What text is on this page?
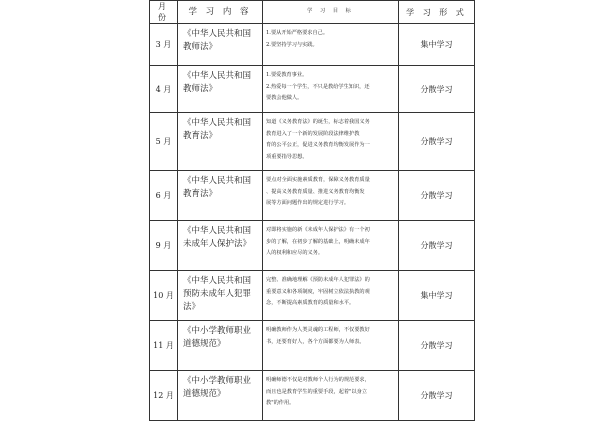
月 份	学 习 内 容	学 习 目 标	学 习 形 式
3 月	《中华人民共和国教师法》	1.要从开始严格要求自己。
2.要坚持学习与实践。	集中学习
4 月	《中华人民共和国教师法》	1.要爱教育事业。
2.热爱每一个学生，不只是教给学生知识，还
要教会他做人。	分散学习
5 月	《中华人民共和国教育法》	知道《义务教育法》的诞生，标志着我国义务
教育进入了一个新的发展阶段法律维护教
育的公平公正，促进义务教育均衡发展作为一
项重要指导思想。	分散学习
6 月	《中华人民共和国教育法》	要点对全面实施素质教育，保障义务教育质量
、提高义务教育质量、推进义务教育均衡发
展等方面问题作出的规定进行学习。	分散学习
9 月	《中华人民共和国未成年人保护法》	对即将实施的新《未成年人保护法》有一个初
步的了解，在初步了解的基础上，明确未成年
人的权利和应尽的义务。	分散学习
10 月	《中华人民共和国预防未成年人犯罪法》	完整、准确地理解《预防未成年人犯罪法》的
重要意义和各项制度，牢固树立依法执教的观
念，不断提高素质教育的质量和水平。	集中学习
11 月	《中小学教师职业道德规范》	明确教师作为人类灵魂的工程师，不仅要教好
书，还要育好人，各个方面都要为人师表。	分散学习
12 月	《中小学教师职业道德规范》	明确师德不仅是对教师个人行为的规范要求，
而且也是教育学生的重要手段，起着"以身立
教"的作用。	分散学习
